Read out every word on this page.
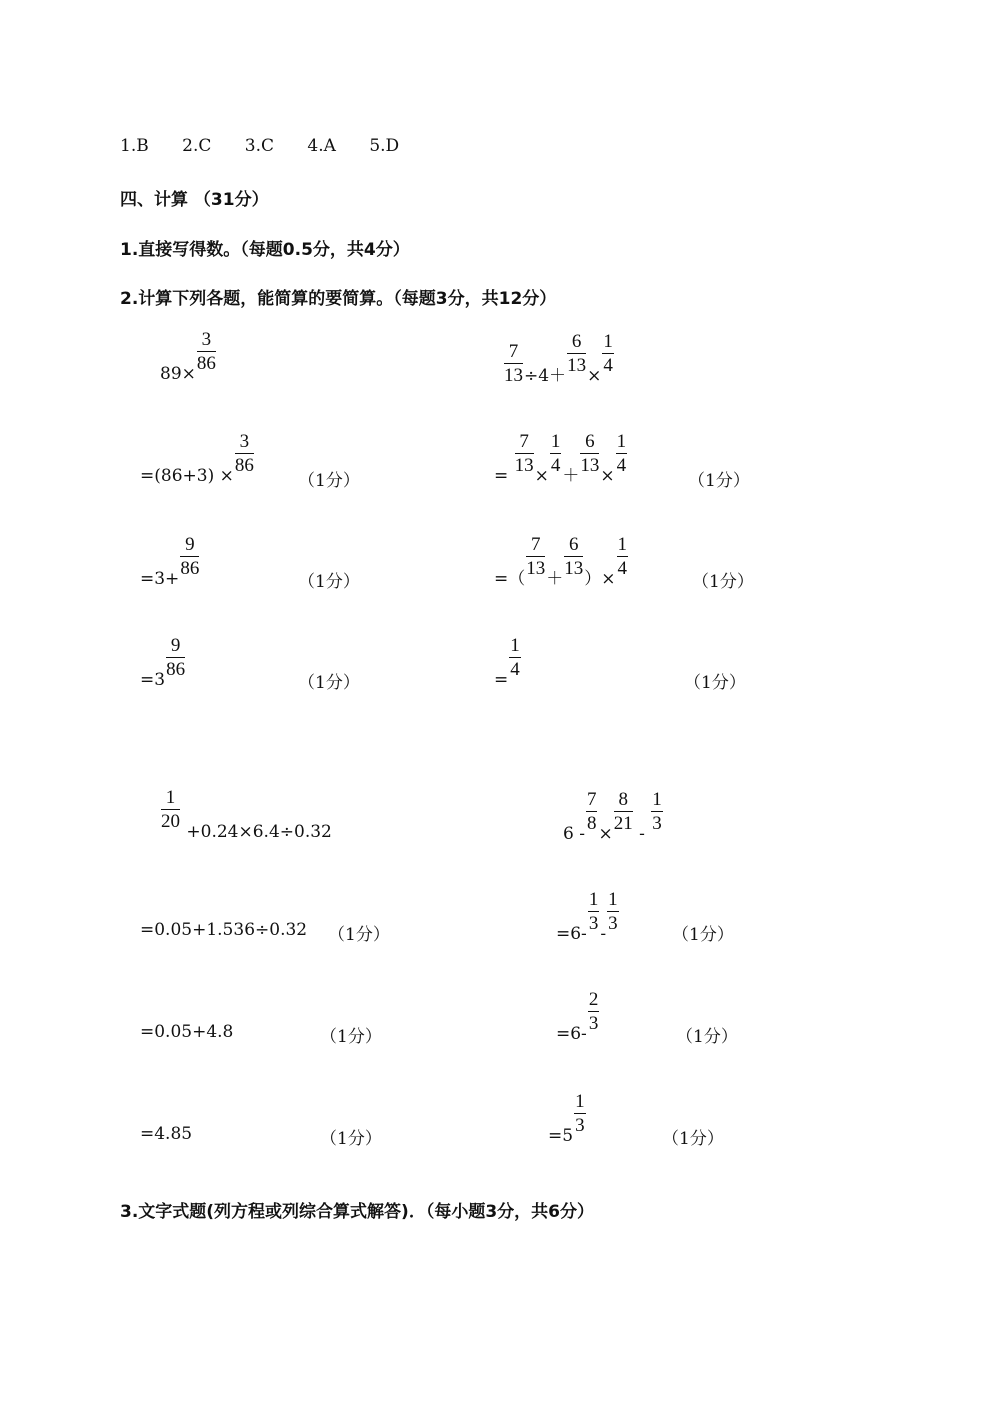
1.B 2.C 3.C 4.A 5.D
四、计算 （31分）
1.直接写得数。（每题0.5分，共4分）
2.计算下列各题，能简算的要简算。（每题3分，共12分）
89×
$\frac{3}{86}$
=(86+3) ×
$\frac{3}{86}$
（1分）
=3+
$\frac{9}{86}$
（1分）
=3
$\frac{9}{86}$
（1分）
$\frac{7}{13} \div 4+$
$\frac{6}{13}$
×
$\frac{1}{4}$
=
$\frac{7}{13}$
×
$\frac{1}{4}$
＋
$\frac{6}{13}$
×
$\frac{1}{4}$
（1分）
=（
$\frac{7}{13}$
＋
$\frac{6}{13}$
）×
$\frac{1}{4}$
（1分）
=
$\frac{1}{4}$
（1分）
$\frac{1}{20}$
+0.24×6.4÷0.32
=0.05+1.536÷0.32 （1分）
=0.05+4.8	（1分）
=4.85	（1分）
6 -
$\frac{7}{8}$
×
$\frac{8}{21}$
-
$\frac{1}{3}$
=6-
$\frac{1}{3}$
-
$\frac{1}{3}$
（1分）
=6-
$\frac{2}{3}$
（1分）
=5
$\frac{1}{3}$
（1分）
3.文字式题(列方程或列综合算式解答)．（每小题3分，共6分）
